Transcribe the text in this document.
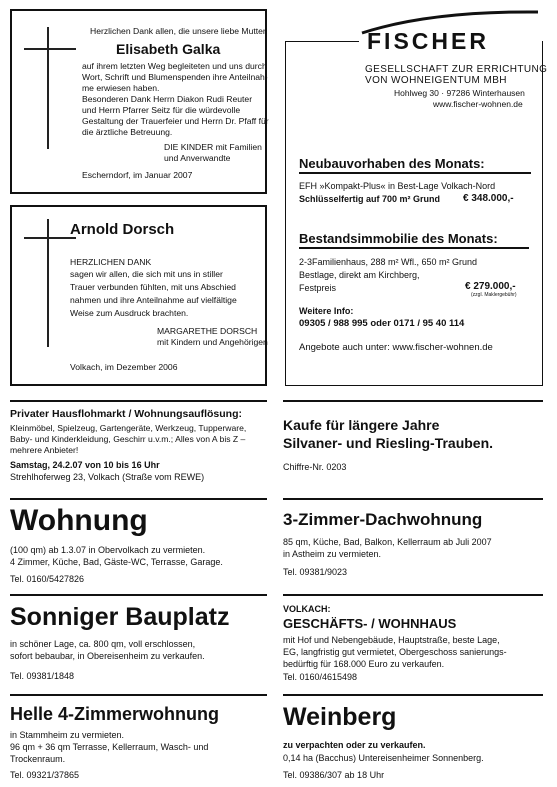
Herzlichen Dank allen, die unsere liebe Mutter
Elisabeth Galka
auf ihrem letzten Weg begleiteten und uns durch
Wort, Schrift und Blumenspenden ihre Anteilnah-
me erwiesen haben.
Besonderen Dank Herrn Diakon Rudi Reuter
und Herrn Pfarrer Seitz für die würdevolle
Gestaltung der Trauerfeier und Herrn Dr. Pfaff für
die ärztliche Betreuung.
DIE KINDER mit Familien
und Anverwandte
Escherndorf, im Januar 2007
Arnold Dorsch
HERZLICHEN DANK
sagen wir allen, die sich mit uns in stiller
Trauer verbunden fühlten, mit uns Abschied
nahmen und ihre Anteilnahme auf vielfältige
Weise zum Ausdruck brachten.
MARGARETHE DORSCH
mit Kindern und Angehörigen
Volkach, im Dezember 2006
FISCHER
GESELLSCHAFT ZUR ERRICHTUNG
VON WOHNEIGENTUM MBH
Hohlweg 30 · 97286 Winterhausen
www.fischer-wohnen.de
Neubauvorhaben des Monats:
EFH »Kompakt-Plus« in Best-Lage Volkach-Nord
Schlüsselfertig auf 700 m² Grund € 348.000,-
Bestandsimmobilie des Monats:
2-3Familienhaus, 288 m² Wfl., 650 m² Grund
Bestlage, direkt am Kirchberg,
Festpreis	€ 279.000,-
(zzgl. Maklergebühr)
Weitere Info:
09305 / 988 995 oder 0171 / 95 40 114
Angebote auch unter: www.fischer-wohnen.de
Privater Hausflohmarkt / Wohnungsauflösung:
Kleinmöbel, Spielzeug, Gartengeräte, Werkzeug, Tupperware,
Baby- und Kinderkleidung, Geschirr u.v.m.; Alles von A bis Z –
mehrere Anbieter!
Samstag, 24.2.07 von 10 bis 16 Uhr
Strehlhoferweg 23, Volkach (Straße vom REWE)
Wohnung
(100 qm) ab 1.3.07 in Obervolkach zu vermieten.
4 Zimmer, Küche, Bad, Gäste-WC, Terrasse, Garage.
Tel. 0160/5427826
Sonniger Bauplatz
in schöner Lage, ca. 800 qm, voll erschlossen,
sofort bebaubar, in Obereisenheim zu verkaufen.
Tel. 09381/1848
Helle 4-Zimmerwohnung
in Stammheim zu vermieten.
96 qm + 36 qm Terrasse, Kellerraum, Wasch- und
Trockenraum.
Tel. 09321/37865
Kaufe für längere Jahre
Silvaner- und Riesling-Trauben.
Chiffre-Nr. 0203
3-Zimmer-Dachwohnung
85 qm, Küche, Bad, Balkon, Kellerraum ab Juli 2007
in Astheim zu vermieten.
Tel. 09381/9023
VOLKACH:
GESCHÄFTS- / WOHNHAUS
mit Hof und Nebengebäude, Hauptstraße, beste Lage,
EG, langfristig gut vermietet, Obergeschoss sanierungs-
bedürftig für 168.000 Euro zu verkaufen.
Tel. 0160/4615498
Weinberg
zu verpachten oder zu verkaufen.
0,14 ha (Bacchus) Untereisenheimer Sonnenberg.
Tel. 09386/307 ab 18 Uhr
